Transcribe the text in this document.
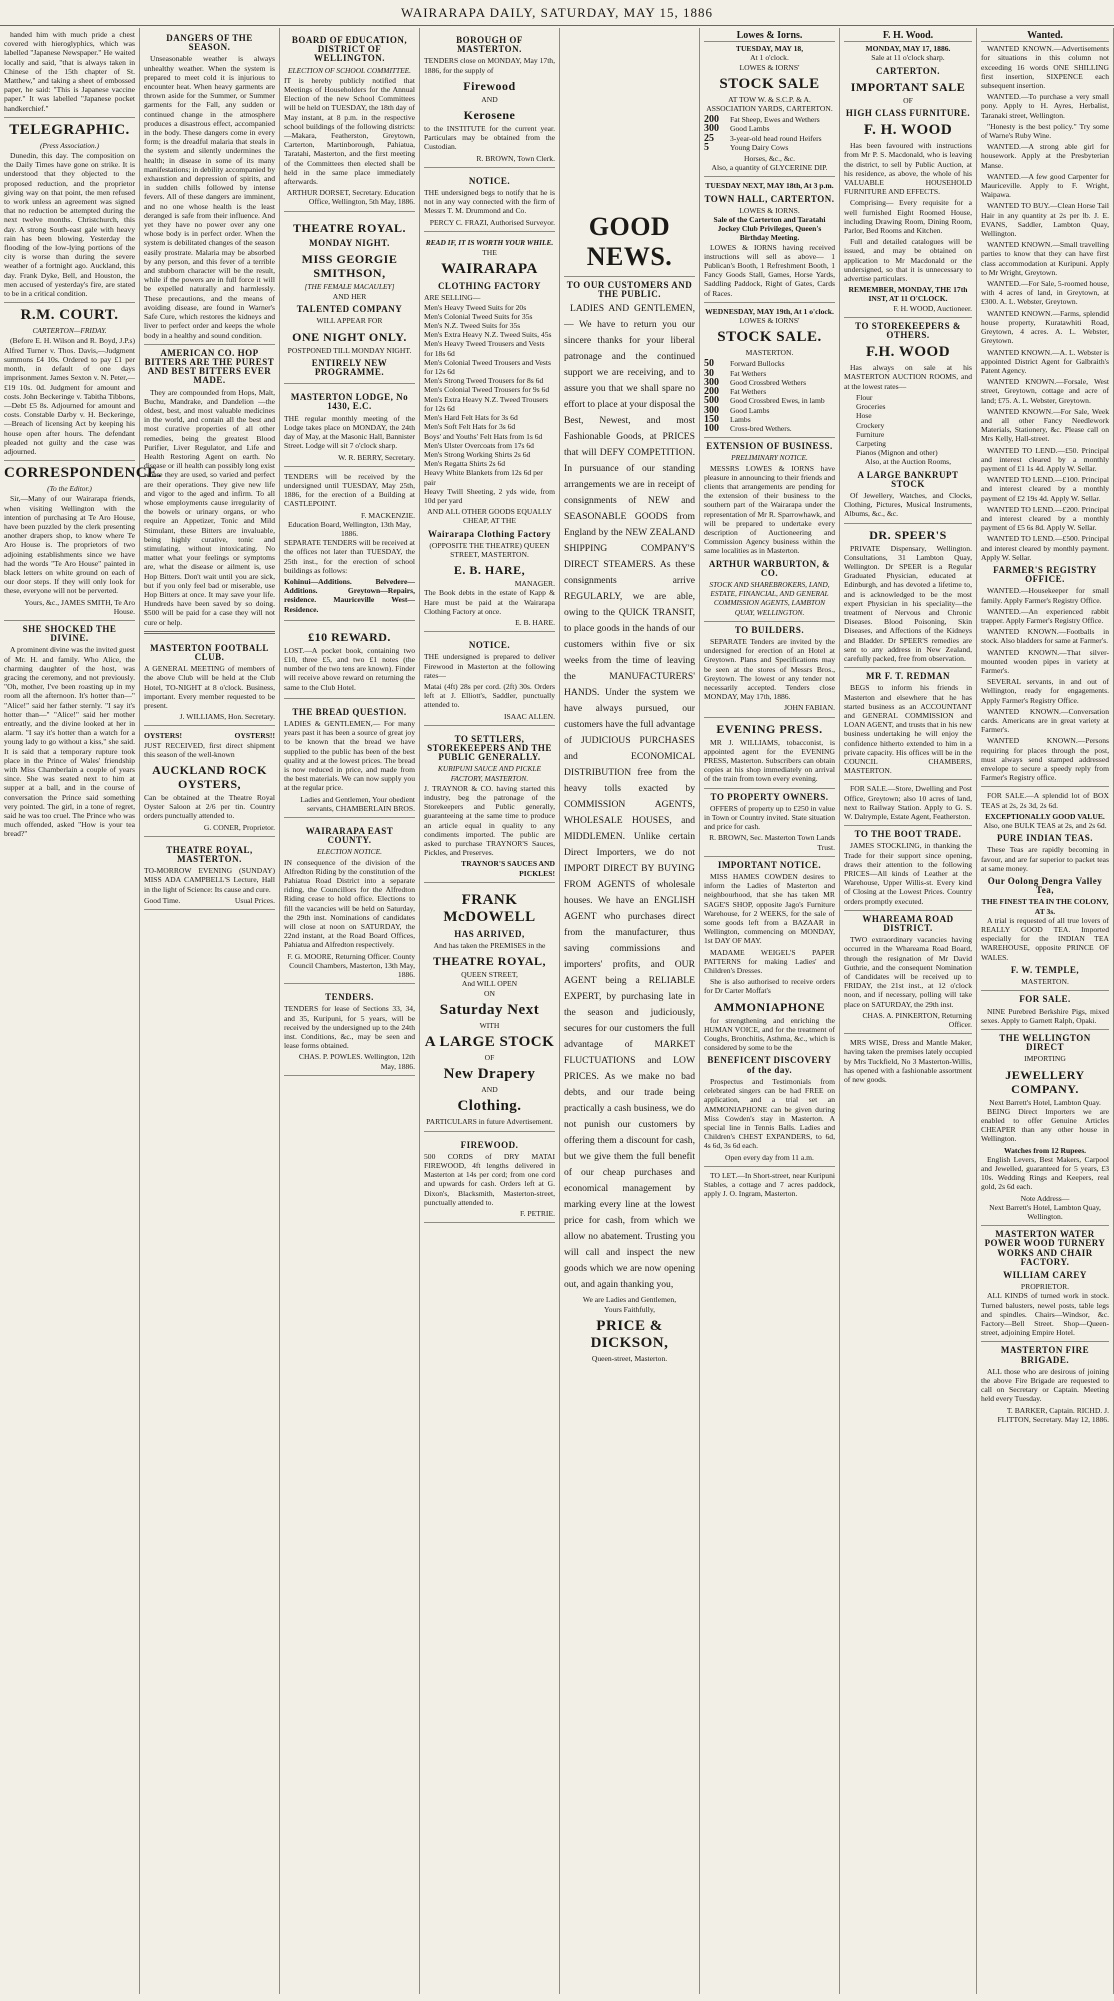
WAIRARAPA DAILY, SATURDAY, MAY 15, 1886

handed him with much pride a chest covered with hieroglyphics, which was labelled "Japanese Newspaper." He waited locally and said, "that is always taken in Chinese of the 15th chapter of St. Matthew," and taking a sheet of embossed paper, he said: "This is Japanese vaccine paper." It was labelled "Japanese pocket handkerchief."

TELEGRAPHIC.
(Press Association.)

Dunedin, this day. The composition on the Daily Times have gone on strike. It is understood that they objected to the proposed reduction, and the proprietor giving way on that point, the men refused to work unless an agreement was signed that no reduction be attempted during the next twelve months. Christchurch, this day. A strong South-east gale with heavy rain has been blowing. Yesterday the flooding of the low-lying portions of the city is worse than during the severe weather of a fortnight ago. Auckland, this day. Frank Dyke, Bell, and Houston, the men accused of yesterday's fire, are stated to be in a critical condition.

R.M. COURT.
CARTERTON—FRIDAY.

(Before E. H. Wilson and R. Boyd, J.P.s) Alfred Turner v. Thos. Davis,—Judgment summons £4 10s. Ordered to pay £1 per month, in default of one days imprisonment. James Sexton v. N. Peter,—£19 10s. 0d. Judgment for amount and costs. John Beckeringe v. Tabitha Tibbons,—Debt £5 8s. Adjourned for amount and costs. Constable Darby v. H. Beckeringe,—Breach of licensing Act by keeping his house open after hours. The defendant pleaded not guilty and the case was adjourned.

CORRESPONDENCE.
(To the Editor.)

Sir,—Many of our Wairarapa friends, when visiting Wellington with the intention of purchasing at Te Aro House, have been puzzled by the clerk presenting another drapers shop, to know where Te Aro House is. The proprietors of two adjoining establishments since we have had the words "Te Aro House" painted in black letters on white ground on each of our door steps. If they will only look for these, everyone will not be perverted.

Yours, &c., JAMES SMITH, Te Aro House.
SHE SHOCKED THE DIVINE.

A prominent divine was the invited guest of Mr. H. and family. Who Alice, the charming daughter of the host, was gracing the ceremony, and not previously. "Oh, mother, I've been roasting up in my room all the afternoon. It's hotter than—" "Alice!" said her father sternly. "I say it's hotter than—" "Alice!" said her mother entreatly, and the divine looked at her in alarm. "I say it's hotter than a watch for a young lady to go without a kiss," she said. It is said that a temporary rupture took place in the Prince of Wales' friendship with Miss Chamberlain a couple of years since. She was seated next to him at supper at a ball, and in the course of conversation the Prince said something very pointed. The girl, in a tone of regret, said he was too cruel. The Prince who was much offended, asked "How is your tea bread?"

DANGERS OF THE SEASON.

Unseasonable weather is always unhealthy weather. When the system is prepared to meet cold it is injurious to encounter heat. When heavy garments are thrown aside for the Summer, or Summer garments for the Fall, any sudden or continued change in the atmosphere produces a disastrous effect, accompanied in the body. These dangers come in every form; is the dreadful malaria that steals in the system and silently undermines the health; in disease in some of its many manifestations; in debility accompanied by exhaustion and depression of spirits, and in sudden chills followed by intense fevers. All of these dangers are imminent, and no one whose health is the least deranged is safe from their influence. And yet they have no power over any one whose body is in perfect order. When the system is debilitated changes of the season easily prostrate. Malaria may be absorbed by any person, and this fever of a terrible and stubborn character will be the result, while if the powers are in full force it will be expelled naturally and harmlessly. These precautions, and the means of avoiding disease, are found in Warner's Safe Cure, which restores the kidneys and liver to perfect order and keeps the whole body in a healthy and sound condition.

AMERICAN CO. HOP BITTERS ARE THE PUREST AND BEST BITTERS EVER MADE.

They are compounded from Hops, Malt, Buchu, Mandrake, and Dandelion —the oldest, best, and most valuable medicines in the world, and contain all the best and most curative properties of all other remedies, being the greatest Blood Purifier, Liver Regulator, and Life and Health Restoring Agent on earth. No disease or ill health can possibly long exist where they are used, so varied and perfect are their operations. They give new life and vigor to the aged and infirm. To all whose employments cause irregularity of the bowels or urinary organs, or who require an Appetizer, Tonic and Mild Stimulant, these Bitters are invaluable, being highly curative, tonic and stimulating, without intoxicating. No matter what your feelings or symptoms are, what the disease or ailment is, use Hop Bitters. Don't wait until you are sick, but if you only feel bad or miserable, use Hop Bitters at once. It may save your life. Hundreds have been saved by so doing. $500 will be paid for a case they will not cure or help.

MASTERTON FOOTBALL CLUB.

A GENERAL MEETING of members of the above Club will be held at the Club Hotel, TO-NIGHT at 8 o'clock. Business, important. Every member requested to be present.

J. WILLIAMS, Hon. Secretary.
OYSTERS!	OYSTERS!!

JUST RECEIVED, first direct shipment this season of the well-known

AUCKLAND ROCK OYSTERS,

Can be obtained at the Theatre Royal Oyster Saloon at 2/6 per tin. Country orders punctually attended to.

G. CONER, Proprietor.
THEATRE ROYAL, MASTERTON.

TO-MORROW EVENING (SUNDAY) MISS ADA CAMPBELL'S Lecture, Hall in the light of Science: Its cause and cure.

Good Time.	Usual Prices.
BOARD OF EDUCATION, DISTRICT OF WELLINGTON.
ELECTION OF SCHOOL COMMITTEE.

IT is hereby publicly notified that Meetings of Householders for the Annual Election of the new School Committees will be held on TUESDAY, the 18th day of May instant, at 8 p.m. in the respective school buildings of the following districts:—Makara, Featherston, Greytown, Carterton, Martinborough, Pahiatua, Taratahi, Masterton, and the first meeting of the Committees then elected shall be held in the same place immediately afterwards.

ARTHUR DORSET, Secretary. Education Office, Wellington, 5th May, 1886.
THEATRE ROYAL.
MONDAY NIGHT.
MISS GEORGIE SMITHSON,
[THE FEMALE MACAULEY]
AND HER
TALENTED COMPANY
WILL APPEAR FOR
ONE NIGHT ONLY.
POSTPONED TILL MONDAY NIGHT.
ENTIRELY NEW PROGRAMME.
MASTERTON LODGE, No 1430, E.C.

THE regular monthly meeting of the Lodge takes place on MONDAY, the 24th day of May, at the Masonic Hall, Bannister Street. Lodge will sit 7 o'clock sharp.

W. R. BERRY, Secretary.

TENDERS will be received by the undersigned until TUESDAY, May 25th, 1886, for the erection of a Building at CASTLEPOINT.

F. MACKENZIE.
Education Board, Wellington, 13th May, 1886.

SEPARATE TENDERS will be received at the offices not later than TUESDAY, the 25th inst., for the erection of school buildings as follows:

Kohinui—Additions. Belvedere—Additions. Greytown—Repairs, residence. Mauriceville West—Residence.

£10 REWARD.

LOST.—A pocket book, containing two £10, three £5, and two £1 notes (the number of the two tens are known). Finder will receive above reward on returning the same to the Club Hotel.

THE BREAD QUESTION.

LADIES & GENTLEMEN,— For many years past it has been a source of great joy to be known that the bread we have supplied to the public has been of the best quality and at the lowest prices. The bread is now reduced in price, and made from the best materials. We can now supply you at the regular price.

Ladies and Gentlemen, Your obedient servants, CHAMBERLAIN BROS.
WAIRARAPA EAST COUNTY.
ELECTION NOTICE.

IN consequence of the division of the Alfredton Riding by the constitution of the Pahiatua Road District into a separate riding, the Councillors for the Alfredton Riding cease to hold office. Elections to fill the vacancies will be held on Saturday, the 29th inst. Nominations of candidates will close at noon on SATURDAY, the 22nd instant, at the Road Board Offices, Pahiatua and Alfredton respectively.

F. G. MOORE, Returning Officer. County Council Chambers, Masterton, 13th May, 1886.
TENDERS.

TENDERS for lease of Sections 33, 34, and 35, Kuripuni, for 5 years, will be received by the undersigned up to the 24th inst. Conditions, &c., may be seen and lease forms obtained.

CHAS. P. POWLES. Wellington, 12th May, 1886.
BOROUGH OF MASTERTON.

TENDERS close on MONDAY, May 17th, 1886, for the supply of

Firewood
AND
Kerosene

to the INSTITUTE for the current year. Particulars may be obtained from the Custodian.

R. BROWN, Town Clerk.
NOTICE.

THE undersigned begs to notify that he is not in any way connected with the firm of Messrs T. M. Drummond and Co.

PERCY C. FRAZI, Authorised Surveyor.
READ IF, IT IS WORTH YOUR WHILE.
THE
WAIRARAPA
CLOTHING FACTORY
ARE SELLING—
Men's Heavy Tweed Suits for 20s
Men's Colonial Tweed Suits for 35s
Men's N.Z. Tweed Suits for 35s
Men's Extra Heavy N.Z. Tweed Suits, 45s
Men's Heavy Tweed Trousers and Vests for 18s 6d
Men's Colonial Tweed Trousers and Vests for 12s 6d
Men's Strong Tweed Trousers for 8s 6d
Men's Colonial Tweed Trousers for 9s 6d
Men's Extra Heavy N.Z. Tweed Trousers for 12s 6d
Men's Hard Felt Hats for 3s 6d
Men's Soft Felt Hats for 3s 6d
Boys' and Youths' Felt Hats from 1s 6d
Men's Ulster Overcoats from 17s 6d
Men's Strong Working Shirts 2s 6d
Men's Regatta Shirts 2s 6d
Heavy White Blankets from 12s 6d per pair

Heavy Twill Sheeting, 2 yds wide, from 10d per yard

AND ALL OTHER GOODS EQUALLY CHEAP, AT THE
Wairarapa Clothing Factory
(OPPOSITE THE THEATRE) QUEEN STREET, MASTERTON.
E. B. HARE,
MANAGER.

The Book debts in the estate of Kapp & Hare must be paid at the Wairarapa Clothing Factory at once.

E. B. HARE.
NOTICE.

THE undersigned is prepared to deliver Firewood in Masterton at the following rates—

Matai (4ft) 28s per cord. (2ft) 30s. Orders left at J. Elliott's, Saddler, punctually attended to.

ISAAC ALLEN.
TO SETTLERS, STOREKEEPERS AND THE PUBLIC GENERALLY.
KURIPUNI SAUCE AND PICKLE FACTORY, MASTERTON.

J. TRAYNOR & CO. having started this industry, beg the patronage of the Storekeepers and Public generally, guaranteeing at the same time to produce an article equal in quality to any condiments imported. The public are asked to purchase TRAYNOR'S Sauces, Pickles, and Preserves.

TRAYNOR'S SAUCES AND PICKLES!
FRANK McDOWELL
HAS ARRIVED,
And has taken the PREMISES in the
THEATRE ROYAL,
QUEEN STREET,
And WILL OPEN
ON
Saturday Next
WITH
A LARGE STOCK
OF
New Drapery
AND
Clothing.
PARTICULARS in future Advertisement.
FIREWOOD.

500 CORDS of DRY MATAI FIREWOOD, 4ft lengths delivered in Masterton at 14s per cord; from one cord and upwards for cash. Orders left at G. Dixon's, Blacksmith, Masterton-street, punctually attended to.

F. PETRIE.
GOOD NEWS.
TO OUR CUSTOMERS AND THE PUBLIC.

LADIES AND GENTLEMEN,— We have to return you our sincere thanks for your liberal patronage and the continued support we are receiving, and to assure you that we shall spare no effort to place at your disposal the Best, Newest, and most Fashionable Goods, at PRICES that will DEFY COMPETITION. In pursuance of our standing arrangements we are in receipt of consignments of NEW and SEASONABLE GOODS from England by the NEW ZEALAND SHIPPING COMPANY'S DIRECT STEAMERS. As these consignments arrive REGULARLY, we are able, owing to the QUICK TRANSIT, to place goods in the hands of our customers within five or six weeks from the time of leaving the MANUFACTURERS' HANDS. Under the system we have always pursued, our customers have the full advantage of JUDICIOUS PURCHASES and ECONOMICAL DISTRIBUTION free from the heavy tolls exacted by COMMISSION AGENTS, WHOLESALE HOUSES, and MIDDLEMEN. Unlike certain Direct Importers, we do not IMPORT DIRECT BY BUYING FROM AGENTS of wholesale houses. We have an ENGLISH AGENT who purchases direct from the manufacturer, thus saving commissions and importers' profits, and OUR AGENT being a RELIABLE EXPERT, by purchasing late in the season and judiciously, secures for our customers the full advantage of MARKET FLUCTUATIONS and LOW PRICES. As we make no bad debts, and our trade being practically a cash business, we do not punish our customers by offering them a discount for cash, but we give them the full benefit of our cheap purchases and economical management by marking every line at the lowest price for cash, from which we allow no abatement. Trusting you will call and inspect the new goods which we are now opening out, and again thanking you,

We are Ladies and Gentlemen,
Yours Faithfully,
PRICE & DICKSON,
Queen-street, Masterton.
Lowes & Iorns.
TUESDAY, MAY 18,
At 1 o'clock.
LOWES & IORNS'
STOCK SALE
AT TOW W. & S.C.P. & A. ASSOCIATION YARDS, CARTERTON.
200 Fat Sheep, Ewes and Wethers
300 Good Lambs
25 3-year-old head round Heifers
5	Young Dairy Cows
Horses, &c., &c.
Also, a quantity of GLYCERINE DIP.
TUESDAY NEXT, MAY 18th, At 3 p.m.
TOWN HALL, CARTERTON.
LOWES & IORNS.
Sale of the Carterton and Taratahi Jockey Club Privileges, Queen's Birthday Meeting.

LOWES & IORNS having received instructions will sell as above— 1 Publican's Booth, 1 Refreshment Booth, 1 Fancy Goods Stall, Games, Horse Yards, Saddling Paddock, Right of Gates, Cards of Races.

WEDNESDAY, MAY 19th, At 1 o'clock.
LOWES & IORNS'
STOCK SALE.
MASTERTON.
50 Forward Bullocks
30 Fat Wethers
300 Good Crossbred Wethers
200 Fat Wethers
500 Good Crossbred Ewes, in lamb
300 Good Lambs
150 Lambs
100 Cross-bred Wethers.
EXTENSION OF BUSINESS.
PRELIMINARY NOTICE.

MESSRS LOWES & IORNS have pleasure in announcing to their friends and clients that arrangements are pending for the extension of their business to the southern part of the Wairarapa under the representation of Mr R. Sparrowhawk, and will be prepared to undertake every description of Auctioneering and Commission Agency business within the same localities as in Masterton.

ARTHUR WARBURTON, & CO.
STOCK AND SHAREBROKERS, LAND, ESTATE, FINANCIAL, AND GENERAL COMMISSION AGENTS, LAMBTON QUAY, WELLINGTON.
TO BUILDERS.

SEPARATE Tenders are invited by the undersigned for erection of an Hotel at Greytown. Plans and Specifications may be seen at the stores of Messrs Bros., Greytown. The lowest or any tender not necessarily accepted. Tenders close MONDAY, May 17th, 1886.

JOHN FABIAN.
EVENING PRESS.

MR J. WILLIAMS, tobacconist, is appointed agent for the EVENING PRESS, Masterton. Subscribers can obtain copies at his shop immediately on arrival of the train from town every evening.

TO PROPERTY OWNERS.

OFFERS of property up to £250 in value in Town or Country invited. State situation and price for cash.

R. BROWN, Sec. Masterton Town Lands Trust.
IMPORTANT NOTICE.

MISS HAMES COWDEN desires to inform the Ladies of Masterton and neighbourhood, that she has taken MR SAGE'S SHOP, opposite Jago's Furniture Warehouse, for 2 WEEKS, for the sale of some goods left from a BAZAAR in Wellington, commencing on MONDAY, 1st DAY OF MAY.

MADAME WEIGEL'S PAPER PATTERNS for making Ladies' and Children's Dresses.

She is also authorised to receive orders for Dr Carter Moffat's

AMMONIAPHONE

for strengthening and enriching the HUMAN VOICE, and for the treatment of Coughs, Bronchitis, Asthma, &c., which is considered by some to be the

BENEFICENT DISCOVERY of the day.

Prospectus and Testimonials from celebrated singers can be had FREE on application, and a trial set an AMMONIAPHONE can be given during Miss Cowden's stay in Masterton. A special line in Tennis Balls. Ladies and Children's CHEST EXPANDERS, to 6d, 4s 6d, 3s 6d each.

Open every day from 11 a.m.

TO LET.—In Short-street, near Kuripuni Stables, a cottage and 7 acres paddock, apply J. O. Ingram, Masterton.

F. H. Wood.
MONDAY, MAY 17, 1886.
Sale at 11 o'clock sharp.
CARTERTON.
IMPORTANT SALE
OF
HIGH CLASS FURNITURE.
F. H. WOOD

Has been favoured with instructions from Mr P. S. Macdonald, who is leaving the district, to sell by Public Auction, at his residence, as above, the whole of his VALUABLE HOUSEHOLD FURNITURE AND EFFECTS.

Comprising— Every requisite for a well furnished Eight Roomed House, including Drawing Room, Dining Room, Parlor, Bed Rooms and Kitchen.

Full and detailed catalogues will be issued, and may be obtained on application to Mr Macdonald or the undersigned, so that it is unnecessary to advertise particulars.

REMEMBER, MONDAY, THE 17th INST, AT 11 O'CLOCK.
F. H. WOOD, Auctioneer.
TO STOREKEEPERS & OTHERS.
F.H. WOOD

Has always on sale at his MASTERTON AUCTION ROOMS, and at the lowest rates—

Flour
Groceries
Hose
Crockery
Furniture
Carpeting
Pianos (Mignon and other)
Also, at the Auction Rooms,
A LARGE BANKRUPT STOCK

Of Jewellery, Watches, and Clocks, Clothing, Pictures, Musical Instruments, Albums, &c., &c.

DR. SPEER'S

PRIVATE Dispensary, Wellington. Consultations, 31 Lambton Quay, Wellington. Dr SPEER is a Regular Graduated Physician, educated at Edinburgh, and has devoted a lifetime to, and is acknowledged to be the most expert Physician in his speciality—the treatment of Nervous and Chronic Diseases. Blood Poisoning, Skin Diseases, and Affections of the Kidneys and Bladder. Dr SPEER'S remedies are sent to any address in New Zealand, carefully packed, free from observation.

MR F. T. REDMAN

BEGS to inform his friends in Masterton and elsewhere that he has started business as an ACCOUNTANT and GENERAL COMMISSION and LOAN AGENT, and trusts that in his new business undertaking he will enjoy the confidence hitherto extended to him in a private capacity. His offices will be in the COUNCIL CHAMBERS, MASTERTON.

FOR SALE.—Store, Dwelling and Post Office, Greytown; also 10 acres of land, next to Railway Station. Apply to G. S. W. Dalrymple, Estate Agent, Featherston.

TO THE BOOT TRADE.

JAMES STOCKLING, in thanking the Trade for their support since opening, draws their attention to the following PRICES—All kinds of Leather at the Warehouse, Upper Willis-st. Every kind of Closing at the Lowest Prices. Country orders promptly executed.

WHAREAMA ROAD DISTRICT.

TWO extraordinary vacancies having occurred in the Whareama Road Board, through the resignation of Mr David Guthrie, and the consequent Nomination of Candidates will be received up to FRIDAY, the 21st inst., at 12 o'clock noon, and if necessary, polling will take place on SATURDAY, the 29th inst.

CHAS. A. PINKERTON, Returning Officer.

MRS WISE, Dress and Mantle Maker, having taken the premises lately occupied by Mrs Tuckfield, No 3 Masterton-Willis, has opened with a fashionable assortment of new goods.

Wanted.

WANTED KNOWN.—Advertisements for situations in this column not exceeding 16 words ONE SHILLING first insertion, SIXPENCE each subsequent insertion.

WANTED.—To purchase a very small pony. Apply to H. Ayres, Herbalist, Taranaki street, Wellington.

"Honesty is the best policy." Try some of Warne's Ruby Wine.

WANTED.—A strong able girl for housework. Apply at the Presbyterian Manse.

WANTED.—A few good Carpenter for Mauriceville. Apply to F. Wright, Waipawa.

WANTED TO BUY.—Clean Horse Tail Hair in any quantity at 2s per lb. J. E. EVANS, Saddler, Lambton Quay, Wellington.

WANTED KNOWN.—Small travelling parties to know that they can have first class accommodation at Kuripuni. Apply to Mr Wright, Greytown.

WANTED.—For Sale, 5-roomed house, with 4 acres of land, in Greytown, at £300. A. L. Webster, Greytown.

WANTED KNOWN.—Farms, splendid house property, Kuratawhiti Road, Greytown, 4 acres. A. L. Webster, Greytown.

WANTED KNOWN.—A. L. Webster is appointed District Agent for Galbraith's Patent Agency.

WANTED KNOWN.—Forsale, West street, Greytown, cottage and acre of land; £75. A. L. Webster, Greytown.

WANTED KNOWN.—For Sale, Week and all other Fancy Needlework Materials, Stationery, &c. Please call on Mrs Kelly, Hall-street.

WANTED TO LEND.—£50. Principal and interest cleared by a monthly payment of £1 1s 4d. Apply W. Sellar.

WANTED TO LEND.—£100. Principal and interest cleared by a monthly payment of £2 19s 4d. Apply W. Sellar.

WANTED TO LEND.—£200. Principal and interest cleared by a monthly payment of £5 6s 8d. Apply W. Sellar.

WANTED TO LEND.—£500. Principal and interest cleared by monthly payment. Apply W. Sellar.

FARMER'S REGISTRY OFFICE.

WANTED.—Housekeeper for small family. Apply Farmer's Registry Office.

WANTED.—An experienced rabbit trapper. Apply Farmer's Registry Office.

WANTED KNOWN.—Footballs in stock. Also bladders for same at Farmer's.

WANTED KNOWN.—That silver-mounted wooden pipes in variety at Farmer's.

SEVERAL servants, in and out of Wellington, ready for engagements. Apply Farmer's Registry Office.

WANTED KNOWN.—Conversation cards. Americans are in great variety at Farmer's.

WANTED KNOWN.—Persons requiring for places through the post, must always send stamped addressed envelope to secure a speedy reply from Farmer's Registry office.

FOR SALE.—A splendid lot of BOX TEAS at 2s, 2s 3d, 2s 6d.

EXCEPTIONALLY GOOD VALUE.
Also, one BULK TEAS at 2s, and 2s 6d.
PURE INDIAN TEAS.

These Teas are rapidly becoming in favour, and are far superior to packet teas at same money.

Our Oolong Dengra Valley Tea,
THE FINEST TEA IN THE COLONY, AT 3s.

A trial is requested of all true lovers of REALLY GOOD TEA. Imported especially for the INDIAN TEA WAREHOUSE, opposite PRINCE OF WALES.

F. W. TEMPLE,
MASTERTON.
FOR SALE.

NINE Purebred Berkshire Pigs, mixed sexes. Apply to Garnett Ralph, Opaki.

THE WELLINGTON DIRECT
IMPORTING
JEWELLERY COMPANY.
Next Barrett's Hotel, Lambton Quay.

BEING Direct Importers we are enabled to offer Genuine Articles CHEAPER than any other house in Wellington.

Watches from 12 Rupees.

English Levers, Best Makers, Carpool and Jewelled, guaranteed for 5 years, £3 10s. Wedding Rings and Keepers, real gold, 2s 6d each.

Note Address—
Next Barrett's Hotel, Lambton Quay, Wellington.
MASTERTON WATER POWER WOOD TURNERY WORKS AND CHAIR FACTORY.
WILLIAM CAREY
PROPRIETOR.

ALL KINDS of turned work in stock. Turned balusters, newel posts, table legs and spindles. Chairs—Windsor, &c. Factory—Bell Street. Shop—Queen-street, adjoining Empire Hotel.

MASTERTON FIRE BRIGADE.

ALL those who are desirous of joining the above Fire Brigade are requested to call on Secretary or Captain. Meeting held every Tuesday.

T. BARKER, Captain. RICHD. J. FLITTON, Secretary. May 12, 1886.
